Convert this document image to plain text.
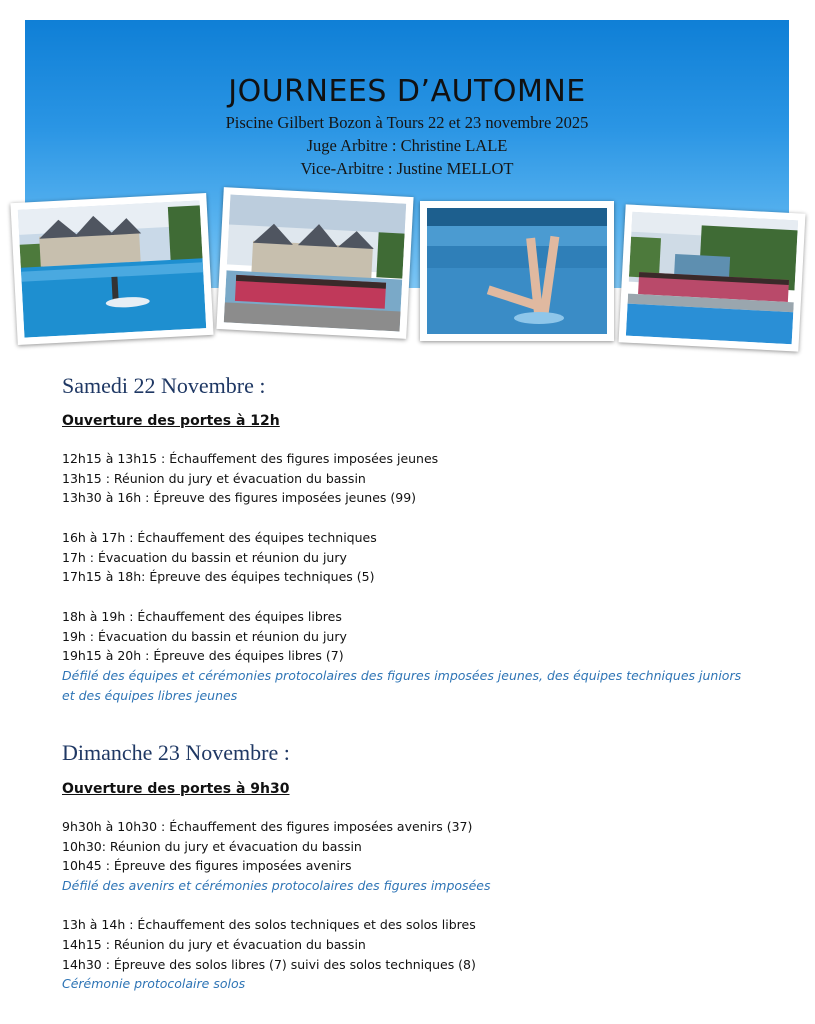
JOURNEES D’AUTOMNE
Piscine Gilbert Bozon à Tours 22 et 23 novembre 2025
Juge Arbitre : Christine LALE
Vice-Arbitre : Justine MELLOT
Samedi 22 Novembre :
Ouverture des portes à 12h
12h15 à 13h15 : Échauffement des figures imposées jeunes
13h15 : Réunion du jury et évacuation du bassin
13h30 à 16h : Épreuve des figures imposées jeunes (99)
16h à 17h : Échauffement des équipes techniques
17h : Évacuation du bassin et réunion du jury
17h15 à 18h: Épreuve des équipes techniques (5)
18h à 19h : Échauffement des équipes libres
19h : Évacuation du bassin et réunion du jury
19h15 à 20h : Épreuve des équipes libres (7)
Défilé des équipes et cérémonies protocolaires des figures imposées jeunes, des équipes techniques juniors
et des équipes libres jeunes
Dimanche 23 Novembre :
Ouverture des portes à 9h30
9h30h à 10h30 : Échauffement des figures imposées avenirs (37)
10h30: Réunion du jury et évacuation du bassin
10h45 : Épreuve des figures imposées avenirs
Défilé des avenirs et cérémonies protocolaires des figures imposées
13h à 14h : Échauffement des solos techniques et des solos libres
14h15 : Réunion du jury et évacuation du bassin
14h30 : Épreuve des solos libres (7) suivi des solos techniques (8)
Cérémonie protocolaire solos
